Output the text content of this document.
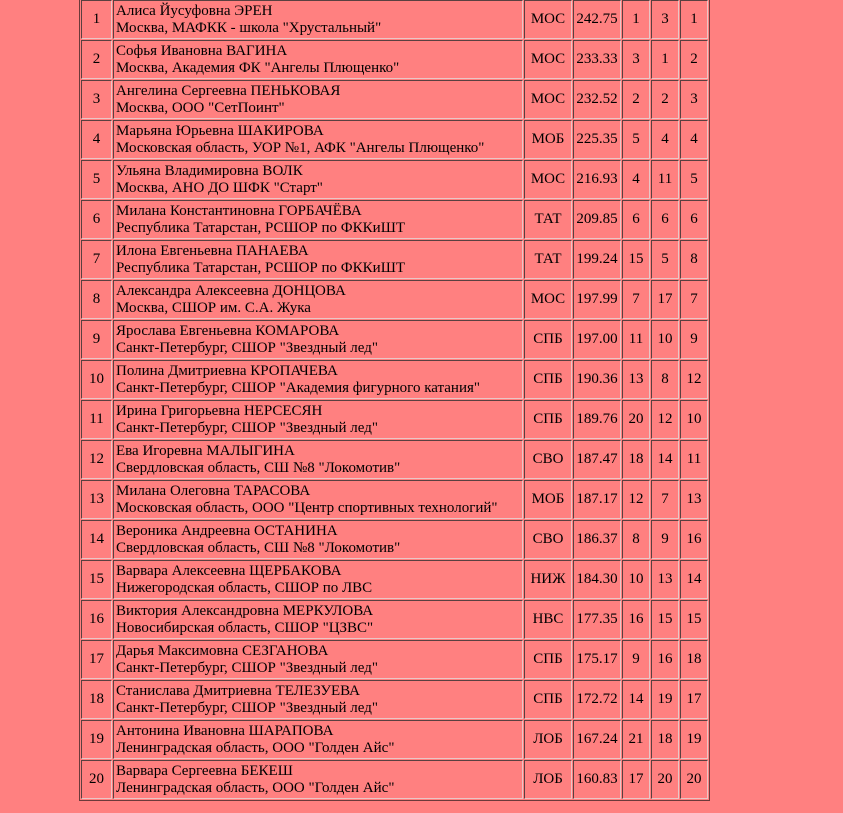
1	Алиса Йусуфовна ЭРЕН
Москва, МАФКК - школа "Хрустальный"	МОС	242.75	1	3	1
2	Софья Ивановна ВАГИНА
Москва, Академия ФК "Ангелы Плющенко"	МОС	233.33	3	1	2
3	Ангелина Сергеевна ПЕНЬКОВАЯ
Москва, ООО "СетПоинт"	МОС	232.52	2	2	3
4	Марьяна Юрьевна ШАКИРОВА
Московская область, УОР №1, АФК "Ангелы Плющенко"	МОБ	225.35	5	4	4
5	Ульяна Владимировна ВОЛК
Москва, АНО ДО ШФК "Старт"	МОС	216.93	4	11	5
6	Милана Константиновна ГОРБАЧЁВА
Республика Татарстан, РСШОР по ФККиШТ	ТАТ	209.85	6	6	6
7	Илона Евгеньевна ПАНАЕВА
Республика Татарстан, РСШОР по ФККиШТ	ТАТ	199.24	15	5	8
8	Александра Алексеевна ДОНЦОВА
Москва, СШОР им. С.А. Жука	МОС	197.99	7	17	7
9	Ярослава Евгеньевна КОМАРОВА
Санкт-Петербург, СШОР "Звездный лед"	СПБ	197.00	11	10	9
10	Полина Дмитриевна КРОПАЧЕВА
Санкт-Петербург, СШОР "Академия фигурного катания"	СПБ	190.36	13	8	12
11	Ирина Григорьевна НЕРСЕСЯН
Санкт-Петербург, СШОР "Звездный лед"	СПБ	189.76	20	12	10
12	Ева Игоревна МАЛЫГИНА
Свердловская область, СШ №8 "Локомотив"	СВО	187.47	18	14	11
13	Милана Олеговна ТАРАСОВА
Московская область, ООО "Центр спортивных технологий"	МОБ	187.17	12	7	13
14	Вероника Андреевна ОСТАНИНА
Свердловская область, СШ №8 "Локомотив"	СВО	186.37	8	9	16
15	Варвара Алексеевна ЩЕРБАКОВА
Нижегородская область, СШОР по ЛВС	НИЖ	184.30	10	13	14
16	Виктория Александровна МЕРКУЛОВА
Новосибирская область, СШОР "ЦЗВС"	НВС	177.35	16	15	15
17	Дарья Максимовна СЕЗГАНОВА
Санкт-Петербург, СШОР "Звездный лед"	СПБ	175.17	9	16	18
18	Станислава Дмитриевна ТЕЛЕЗУЕВА
Санкт-Петербург, СШОР "Звездный лед"	СПБ	172.72	14	19	17
19	Антонина Ивановна ШАРАПОВА
Ленинградская область, ООО "Голден Айс"	ЛОБ	167.24	21	18	19
20	Варвара Сергеевна БЕКЕШ
Ленинградская область, ООО "Голден Айс"	ЛОБ	160.83	17	20	20
